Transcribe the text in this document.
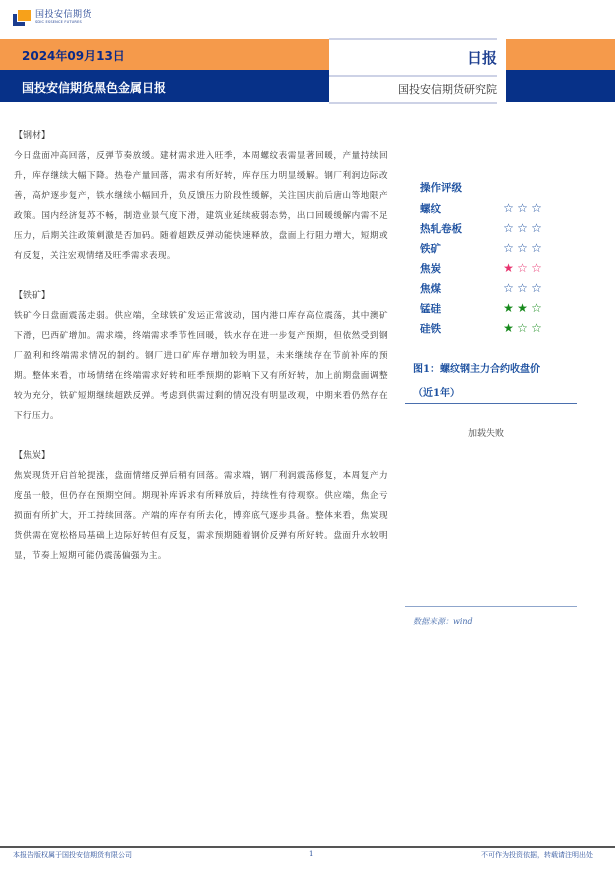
国投安信期货
SDIC ESSENCE FUTURES
2024年09月13日
国投安信期货黑色金属日报
日报
国投安信期货研究院
【钢材】
今日盘面冲高回落，反弹节奏放缓。建材需求进入旺季，本周螺纹表需显著回暖，产量持续回升，库存继续大幅下降。热卷产量回落，需求有所好转，库存压力明显缓解。钢厂利润边际改善，高炉逐步复产，铁水继续小幅回升，负反馈压力阶段性缓解，关注国庆前后唐山等地限产政策。国内经济复苏不畅，制造业景气度下滑，建筑业延续疲弱态势，出口回暖缓解内需不足压力，后期关注政策刺激是否加码。随着超跌反弹动能快速释放，盘面上行阻力增大，短期或有反复，关注宏观情绪及旺季需求表现。
【铁矿】
铁矿今日盘面震荡走弱。供应端，全球铁矿发运正常波动，国内港口库存高位震荡，其中澳矿下滑，巴西矿增加。需求端，终端需求季节性回暖，铁水存在进一步复产预期，但依然受到钢厂盈利和终端需求情况的制约。钢厂进口矿库存增加较为明显，未来继续存在节前补库的预期。整体来看，市场情绪在终端需求好转和旺季预期的影响下又有所好转，加上前期盘面调整较为充分，铁矿短期继续超跌反弹。考虑到供需过剩的情况没有明显改观，中期来看仍然存在下行压力。
【焦炭】
焦炭现货开启首轮提涨，盘面情绪反弹后稍有回落。需求端，钢厂利润震荡修复，本周复产力度虽一般，但仍存在预期空间。期现补库诉求有所释放后，持续性有待观察。供应端，焦企亏损面有所扩大，开工持续回落。产端的库存有所去化，博弈底气逐步具备。整体来看，焦炭现货供需在宽松格局基础上边际好转但有反复，需求预期随着钢价反弹有所好转。盘面升水较明显，节奏上短期可能仍震荡偏强为主。
操作评级
螺纹	☆ ☆ ☆
热轧卷板	☆ ☆ ☆
铁矿	☆ ☆ ☆
焦炭	★ ☆ ☆
焦煤	☆ ☆ ☆
锰硅	★ ★ ☆
硅铁	★ ☆ ☆
图1：螺纹钢主力合约收盘价
（近1年）
加载失败
数据来源：wind
本报告版权属于国投安信期货有限公司	1	不可作为投资依据，转载请注明出处
